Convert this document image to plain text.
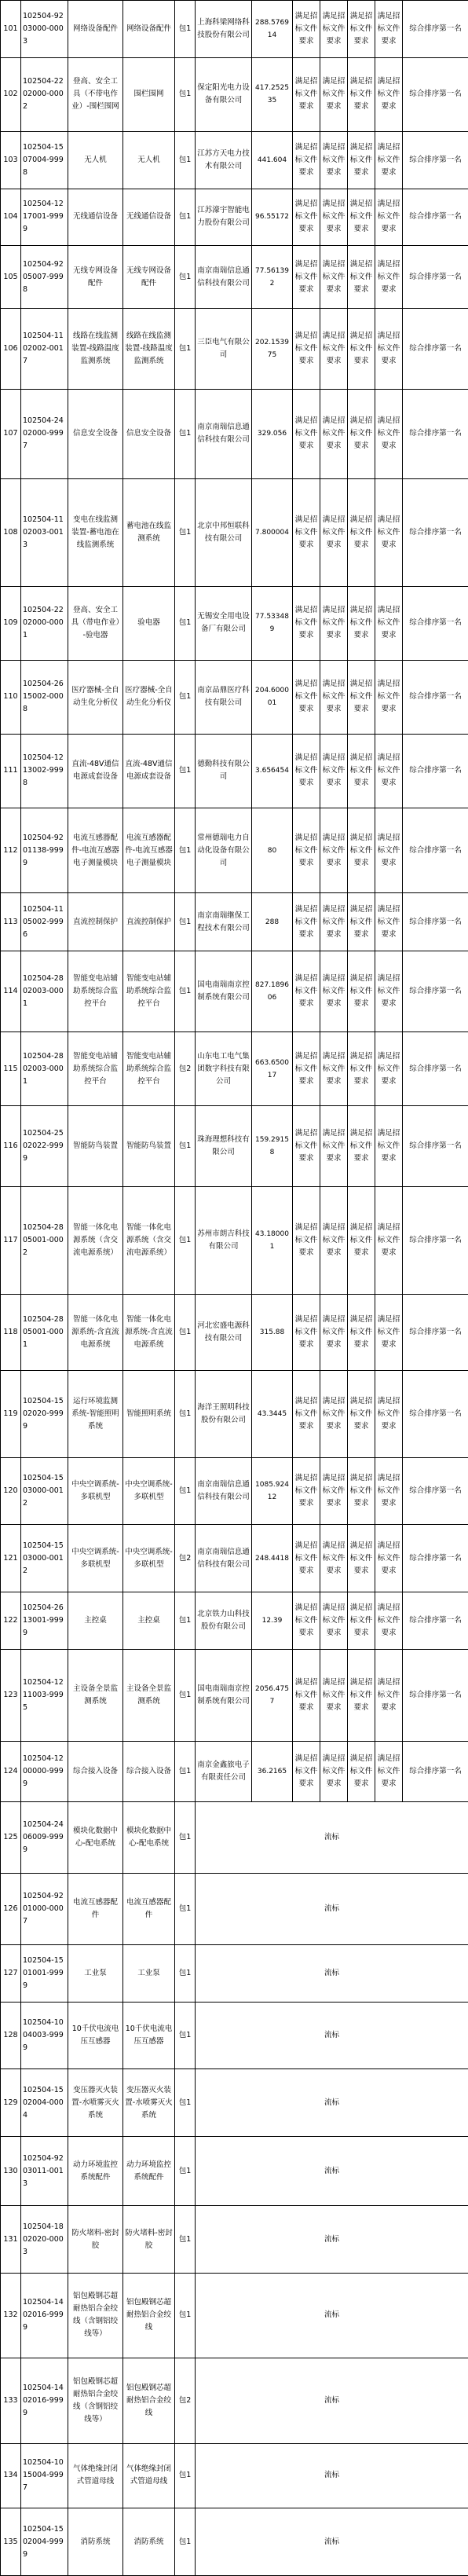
101	102504-9203000-0003	网络设备配件	网络设备配件	包1	上海科梁网络科技股份有限公司	288.576914	满足招标文件要求	满足招标文件要求	满足招标文件要求	满足招标文件要求	综合排序第一名
102	102504-2202000-0002	登高、安全工具（不带电作业）-围栏围网	围栏围网	包1	保定阳光电力设备有限公司	417.252535	满足招标文件要求	满足招标文件要求	满足招标文件要求	满足招标文件要求	综合排序第一名
103	102504-1507004-9998	无人机	无人机	包1	江苏方天电力技术有限公司	441.604	满足招标文件要求	满足招标文件要求	满足招标文件要求	满足招标文件要求	综合排序第一名
104	102504-1217001-9999	无线通信设备	无线通信设备	包1	江苏濠宇智能电力股份有限公司	96.55172	满足招标文件要求	满足招标文件要求	满足招标文件要求	满足招标文件要求	综合排序第一名
105	102504-9205007-9998	无线专网设备配件	无线专网设备配件	包1	南京南瑞信息通信科技有限公司	77.561392	满足招标文件要求	满足招标文件要求	满足招标文件要求	满足招标文件要求	综合排序第一名
106	102504-1102002-0017	线路在线监测装置-线路温度监测系统	线路在线监测装置-线路温度监测系统	包1	三臣电气有限公司	202.153975	满足招标文件要求	满足招标文件要求	满足招标文件要求	满足招标文件要求	综合排序第一名
107	102504-2402000-9997	信息安全设备	信息安全设备	包1	南京南瑞信息通信科技有限公司	329.056	满足招标文件要求	满足招标文件要求	满足招标文件要求	满足招标文件要求	综合排序第一名
108	102504-1102003-0013	变电在线监测装置-蓄电池在线监测系统	蓄电池在线监测系统	包1	北京中邦恒联科技有限公司	7.800004	满足招标文件要求	满足招标文件要求	满足招标文件要求	满足招标文件要求	综合排序第一名
109	102504-2202000-0001	登高、安全工具（带电作业）-验电器	验电器	包1	无锡安全用电设备厂有限公司	77.533489	满足招标文件要求	满足招标文件要求	满足招标文件要求	满足招标文件要求	综合排序第一名
110	102504-2615002-0008	医疗器械-全自动生化分析仪	医疗器械-全自动生化分析仪	包1	南京品鼎医疗科技有限公司	204.600001	满足招标文件要求	满足招标文件要求	满足招标文件要求	满足招标文件要求	综合排序第一名
111	102504-1213002-9998	直流-48V通信电源成套设备	直流-48V通信电源成套设备	包1	德勤科技有限公司	3.656454	满足招标文件要求	满足招标文件要求	满足招标文件要求	满足招标文件要求	综合排序第一名
112	102504-9201138-9999	电流互感器配件-电流互感器电子测量模块	电流互感器配件-电流互感器电子测量模块	包1	常州德瑞电力自动化设备有限公司	80	满足招标文件要求	满足招标文件要求	满足招标文件要求	满足招标文件要求	综合排序第一名
113	102504-1105002-9996	直流控制保护	直流控制保护	包1	南京南瑞继保工程技术有限公司	288	满足招标文件要求	满足招标文件要求	满足招标文件要求	满足招标文件要求	综合排序第一名
114	102504-2802003-0001	智能变电站辅助系统综合监控平台	智能变电站辅助系统综合监控平台	包1	国电南瑞南京控制系统有限公司	827.189606	满足招标文件要求	满足招标文件要求	满足招标文件要求	满足招标文件要求	综合排序第一名
115	102504-2802003-0001	智能变电站辅助系统综合监控平台	智能变电站辅助系统综合监控平台	包2	山东电工电气集团数字科技有限公司	663.650017	满足招标文件要求	满足招标文件要求	满足招标文件要求	满足招标文件要求	综合排序第一名
116	102504-2502022-9999	智能防鸟装置	智能防鸟装置	包1	珠海理想科技有限公司	159.29158	满足招标文件要求	满足招标文件要求	满足招标文件要求	满足招标文件要求	综合排序第一名
117	102504-2805001-0002	智能一体化电源系统（含交流电源系统）	智能一体化电源系统（含交流电源系统）	包1	苏州市朗吉科技有限公司	43.180001	满足招标文件要求	满足招标文件要求	满足招标文件要求	满足招标文件要求	综合排序第一名
118	102504-2805001-0001	智能一体化电源系统-含直流电源系统	智能一体化电源系统-含直流电源系统	包1	河北宏盛电源科技有限公司	315.88	满足招标文件要求	满足招标文件要求	满足招标文件要求	满足招标文件要求	综合排序第一名
119	102504-1502020-9999	运行环境监测系统-智能照明系统	智能照明系统	包1	海洋王照明科技股份有限公司	43.3445	满足招标文件要求	满足招标文件要求	满足招标文件要求	满足招标文件要求	综合排序第一名
120	102504-1503000-0012	中央空调系统-多联机型	中央空调系统-多联机型	包1	南京南瑞信息通信科技有限公司	1085.92412	满足招标文件要求	满足招标文件要求	满足招标文件要求	满足招标文件要求	综合排序第一名
121	102504-1503000-0012	中央空调系统-多联机型	中央空调系统-多联机型	包2	南京南瑞信息通信科技有限公司	248.4418	满足招标文件要求	满足招标文件要求	满足招标文件要求	满足招标文件要求	综合排序第一名
122	102504-2613001-9999	主控桌	主控桌	包1	北京铁力山科技股份有限公司	12.39	满足招标文件要求	满足招标文件要求	满足招标文件要求	满足招标文件要求	综合排序第一名
123	102504-1211003-9995	主设备全景监测系统	主设备全景监测系统	包1	国电南瑞南京控制系统有限公司	2056.4757	满足招标文件要求	满足招标文件要求	满足招标文件要求	满足招标文件要求	综合排序第一名
124	102504-1200000-9999	综合接入设备	综合接入设备	包1	南京金鑫旅电子有限责任公司	36.2165	满足招标文件要求	满足招标文件要求	满足招标文件要求	满足招标文件要求	综合排序第一名
125	102504-2406009-9999	模块化数据中心-配电系统	模块化数据中心-配电系统	包1	流标						
126	102504-9201000-0007	电流互感器配件	电流互感器配件	包1	流标						
127	102504-1501001-9999	工业泵	工业泵	包1	流标						
128	102504-1004003-9999	10千伏电流电压互感器	10千伏电流电压互感器	包1	流标						
129	102504-1502004-0004	变压器灭火装置-水喷雾灭火系统	变压器灭火装置-水喷雾灭火系统	包1	流标						
130	102504-9203011-0013	动力环境监控系统配件	动力环境监控系统配件	包1	流标						
131	102504-1802020-0003	防火堵料-密封胶	防火堵料-密封胶	包1	流标						
132	102504-1402016-9999	铝包殿钢芯超耐热铝合金绞线（含钢铝绞线等）	铝包殿钢芯超耐热铝合金绞线	包1	流标						
133	102504-1402016-9999	铝包殿钢芯超耐热铝合金绞线（含钢铝绞线等）	铝包殿钢芯超耐热铝合金绞线	包2	流标						
134	102504-1015004-9997	气体绝缘封闭式管道母线	气体绝缘封闭式管道母线	包1	流标						
135	102504-1502004-9999	消防系统	消防系统	包1	流标						
